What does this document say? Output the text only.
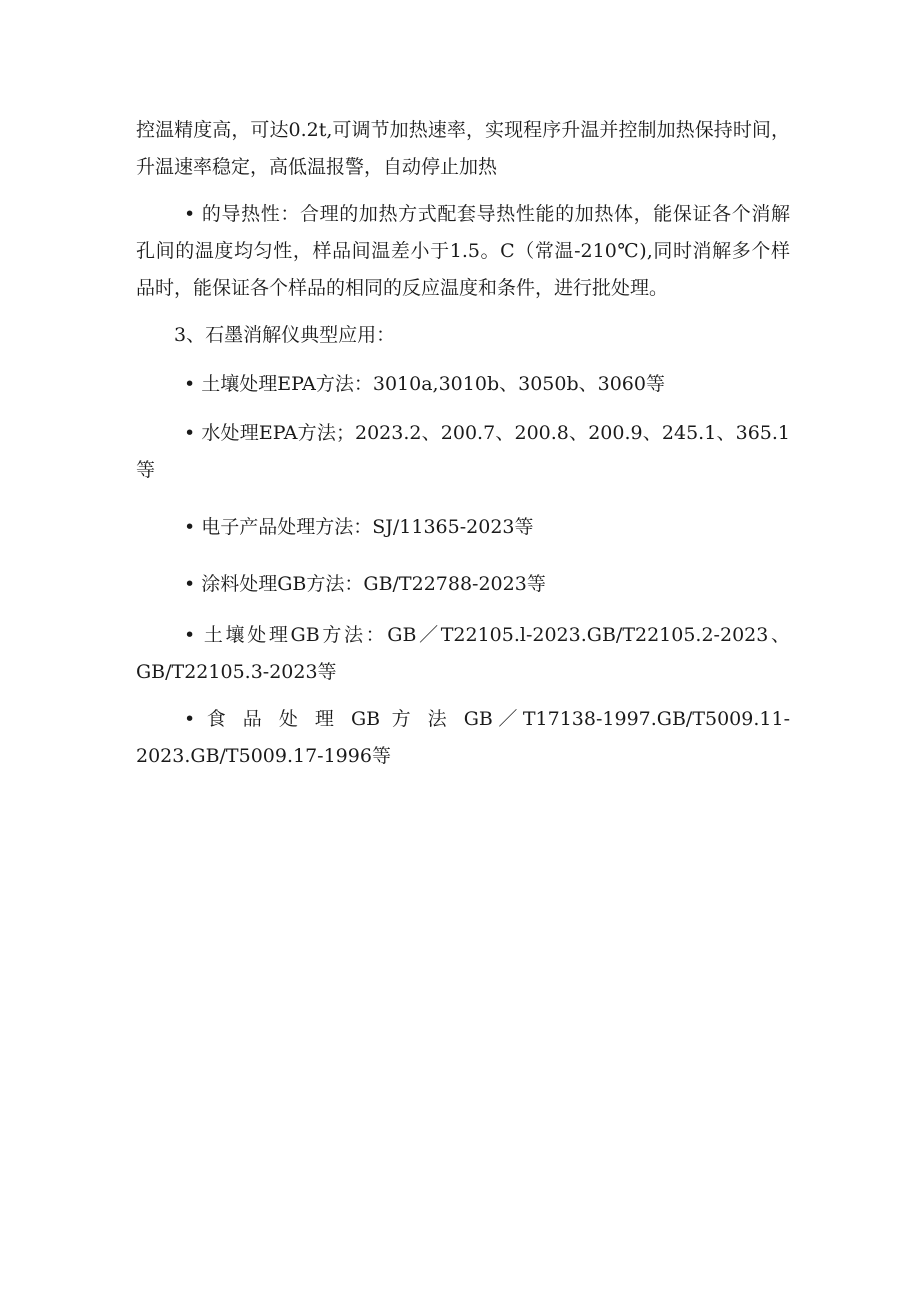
控温精度高，可达0.2t,可调节加热速率，实现程序升温并控制加热保持时间，升温速率稳定，高低温报警，自动停止加热

• 的导热性：合理的加热方式配套导热性能的加热体，能保证各个消解孔间的温度均匀性，样品间温差小于1.5。C（常温-210℃),同时消解多个样品时，能保证各个样品的相同的反应温度和条件，进行批处理。

3、石墨消解仪典型应用：

• 土壤处理EPA方法：3010a,3010b、3050b、3060等

• 水处理EPA方法；2023.2、200.7、200.8、200.9、245.1、365.1等

• 电子产品处理方法：SJ/11365-2023等

• 涂料处理GB方法：GB/T22788-2023等

• 土壤处理GB方法：GB／T22105.l-2023.GB/T22105.2-2023、GB/T22105.3-2023等

• 食 品 处 理 GB 方 法 GB／T17138-1997.GB/T5009.11-2023.GB/T5009.17-1996等
